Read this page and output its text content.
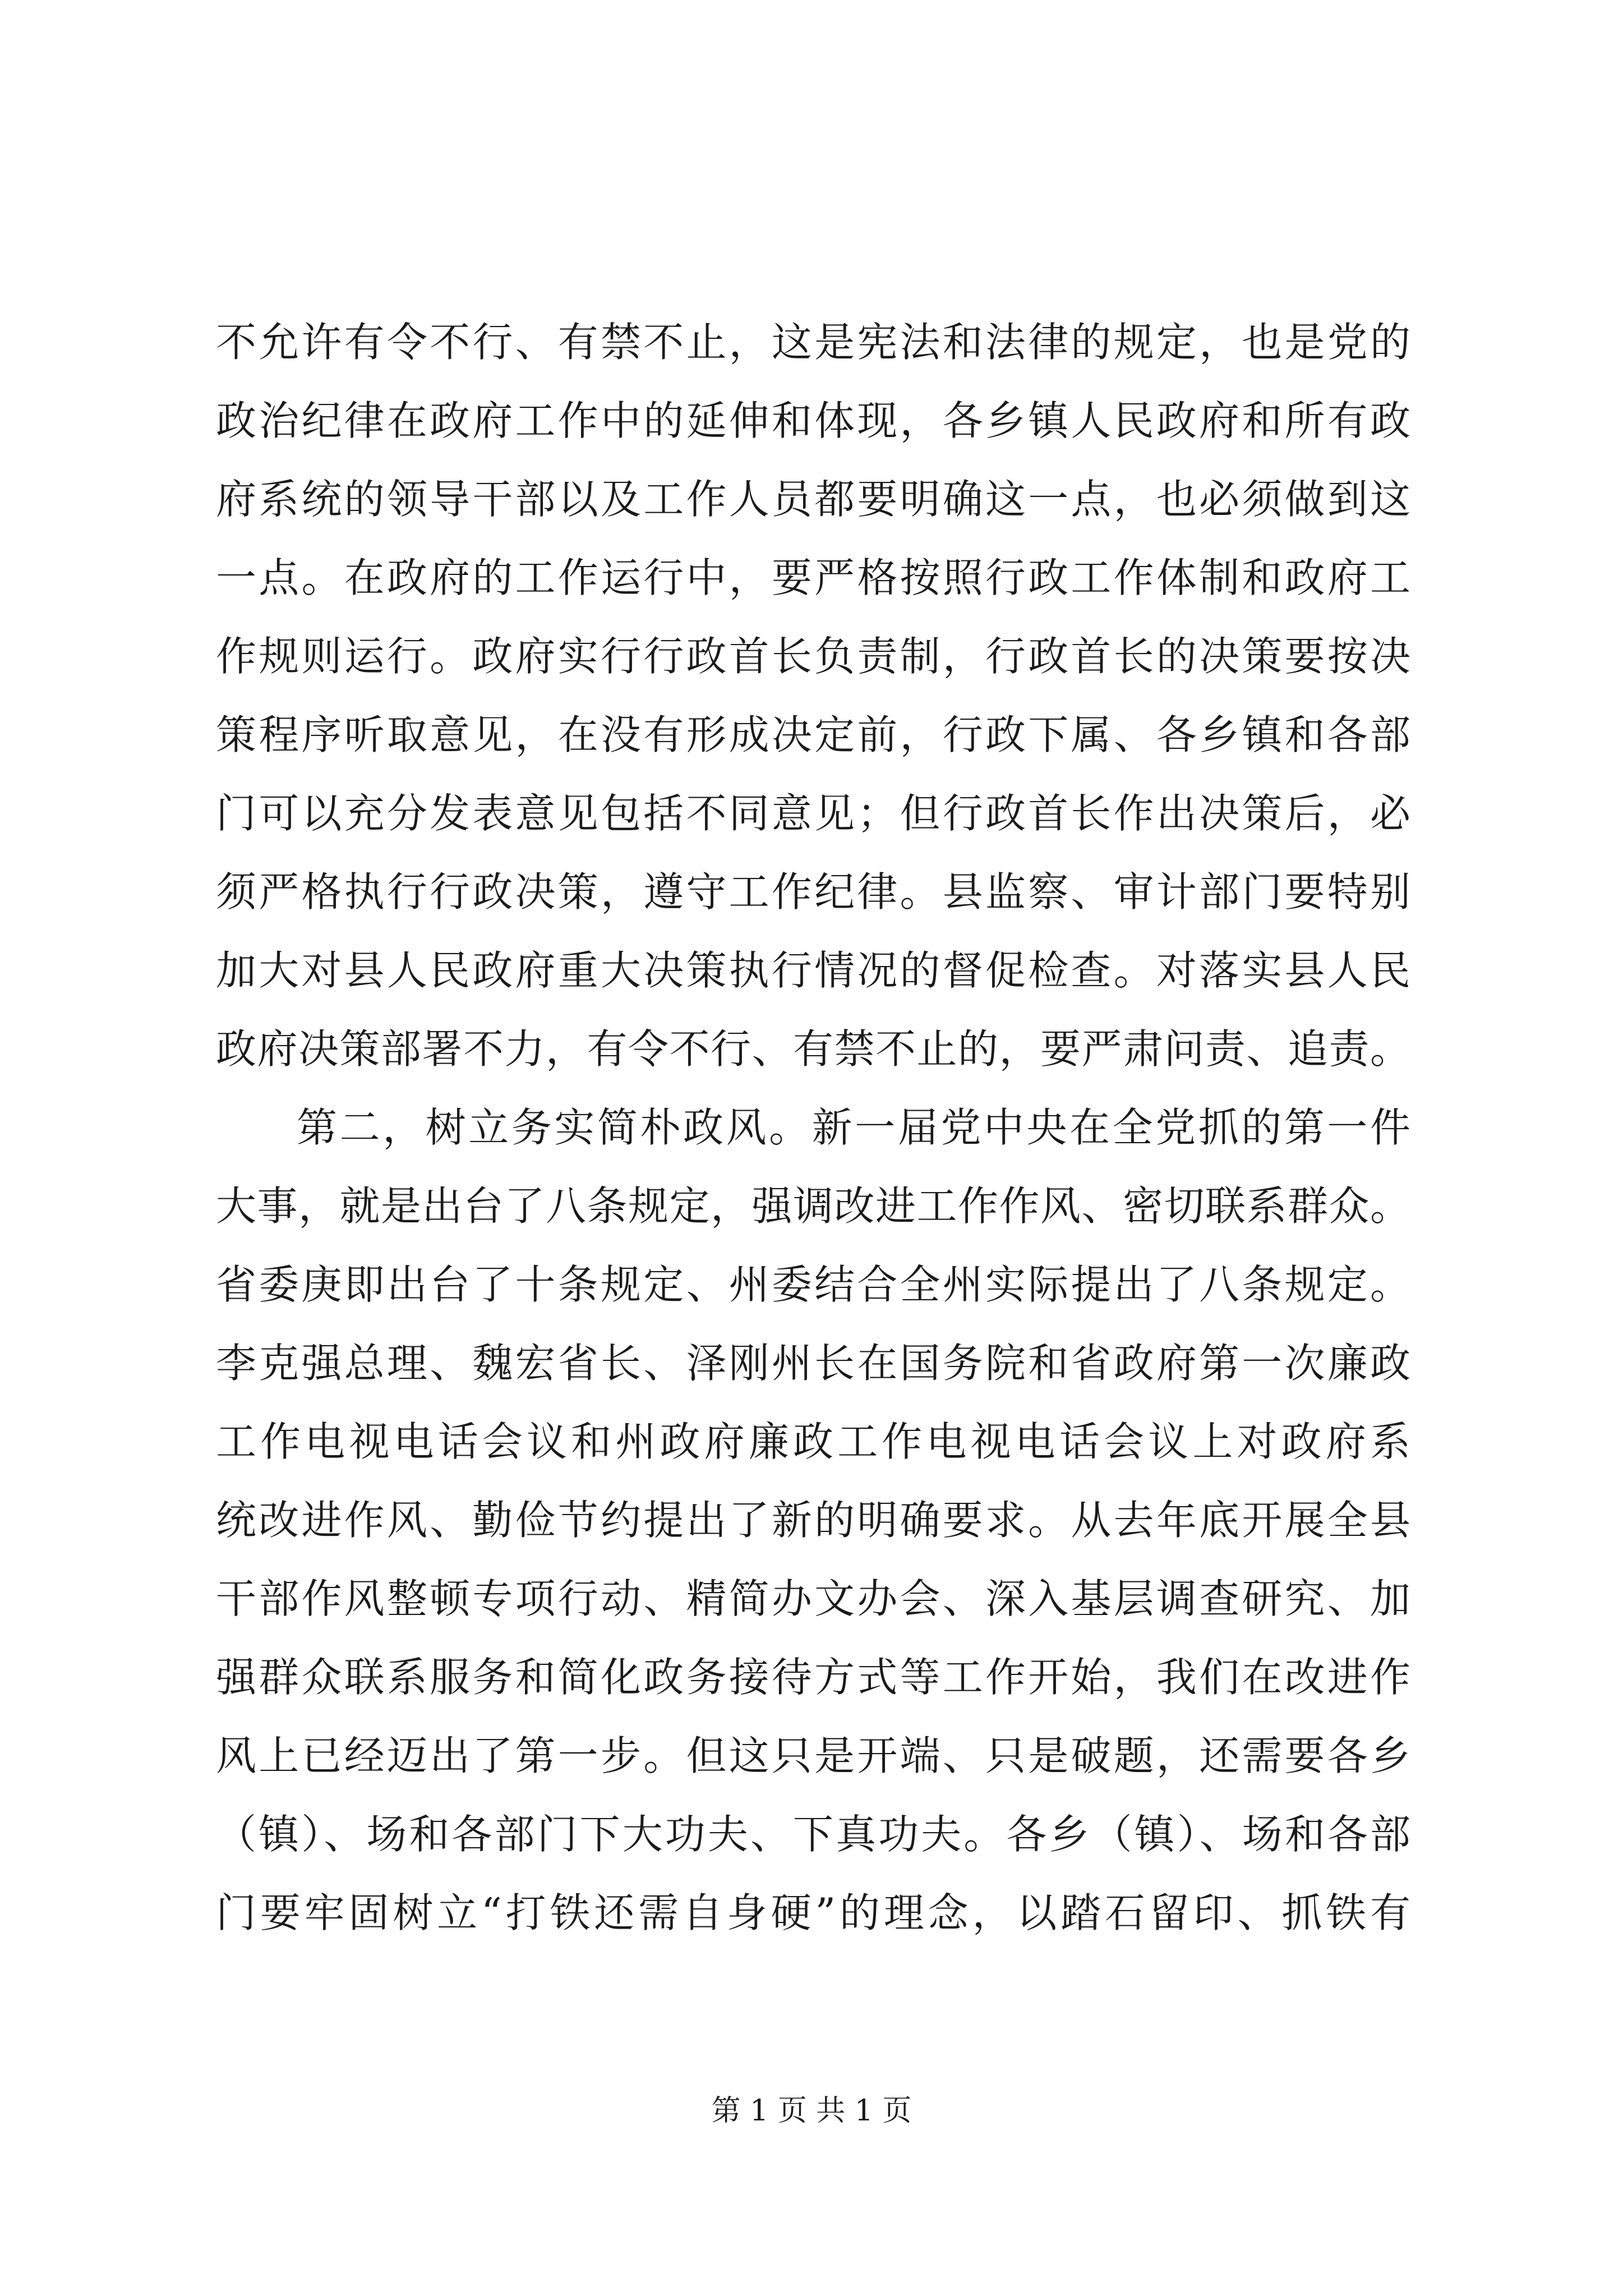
不允许有令不行、有禁不止，这是宪法和法律的规定，也是党的
政治纪律在政府工作中的延伸和体现，各乡镇人民政府和所有政
府系统的领导干部以及工作人员都要明确这一点，也必须做到这
一点。在政府的工作运行中，要严格按照行政工作体制和政府工
作规则运行。政府实行行政首长负责制，行政首长的决策要按决
策程序听取意见，在没有形成决定前，行政下属、各乡镇和各部
门可以充分发表意见包括不同意见；但行政首长作出决策后，必
须严格执行行政决策，遵守工作纪律。县监察、审计部门要特别
加大对县人民政府重大决策执行情况的督促检查。对落实县人民
政府决策部署不力，有令不行、有禁不止的，要严肃问责、追责。
第二，树立务实简朴政风。新一届党中央在全党抓的第一件
大事，就是出台了八条规定，强调改进工作作风、密切联系群众。
省委庚即出台了十条规定、州委结合全州实际提出了八条规定。
李克强总理、魏宏省长、泽刚州长在国务院和省政府第一次廉政
工作电视电话会议和州政府廉政工作电视电话会议上对政府系
统改进作风、勤俭节约提出了新的明确要求。从去年底开展全县
干部作风整顿专项行动、精简办文办会、深入基层调查研究、加
强群众联系服务和简化政务接待方式等工作开始，我们在改进作
风上已经迈出了第一步。但这只是开端、只是破题，还需要各乡
（镇）、场和各部门下大功夫、下真功夫。各乡（镇）、场和各部
门要牢固树立“打铁还需自身硬”的理念，以踏石留印、抓铁有
第 1 页 共 1 页
